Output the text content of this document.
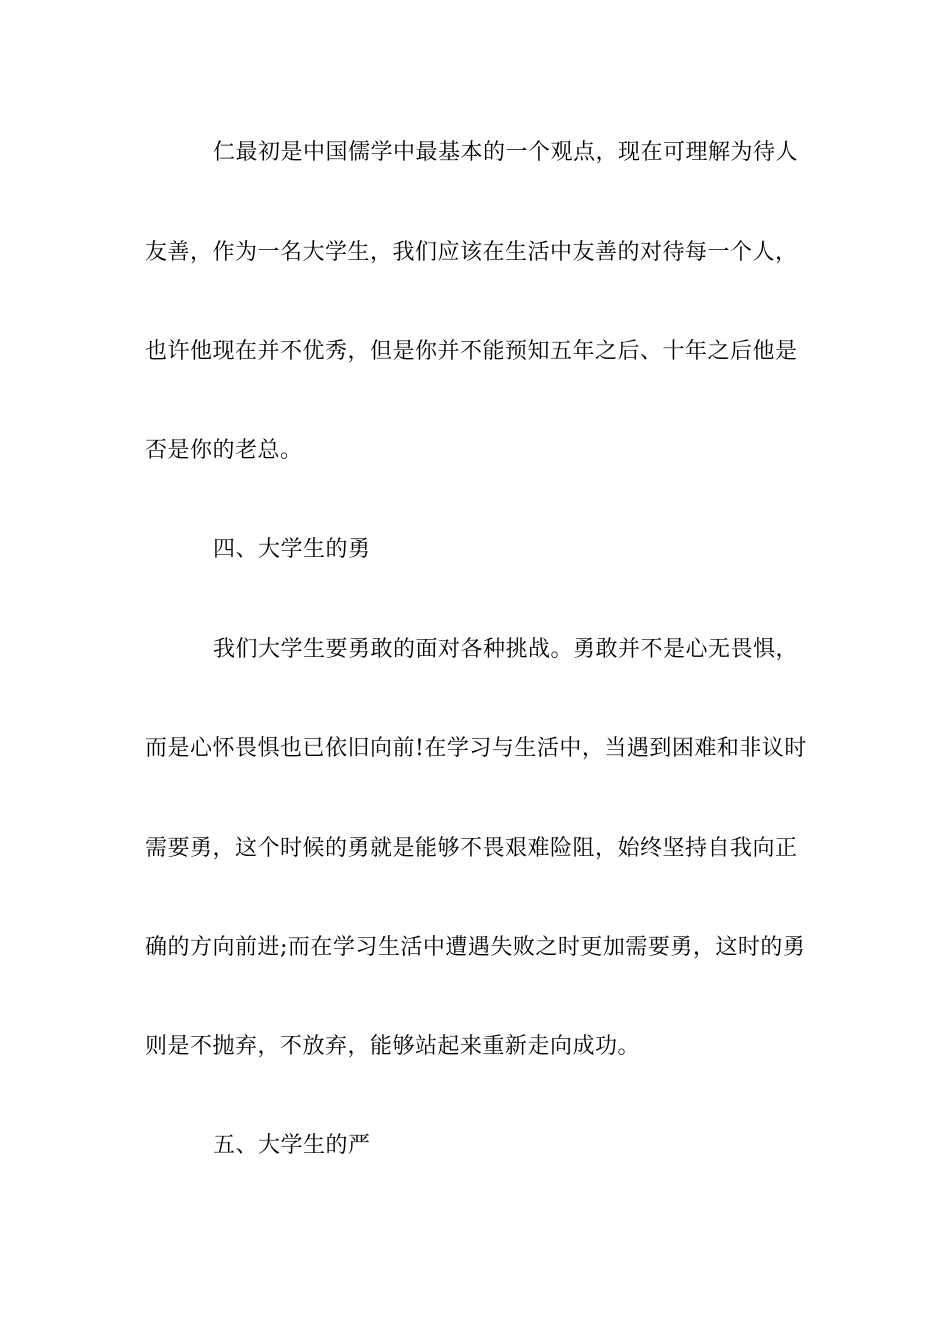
仁最初是中国儒学中最基本的一个观点，现在可理解为待人
友善，作为一名大学生，我们应该在生活中友善的对待每一个人，
也许他现在并不优秀，但是你并不能预知五年之后、十年之后他是
否是你的老总。
四、大学生的勇
我们大学生要勇敢的面对各种挑战。勇敢并不是心无畏惧，
而是心怀畏惧也已依旧向前!在学习与生活中，当遇到困难和非议时
需要勇，这个时候的勇就是能够不畏艰难险阻，始终坚持自我向正
确的方向前进;而在学习生活中遭遇失败之时更加需要勇，这时的勇
则是不抛弃，不放弃，能够站起来重新走向成功。
五、大学生的严
